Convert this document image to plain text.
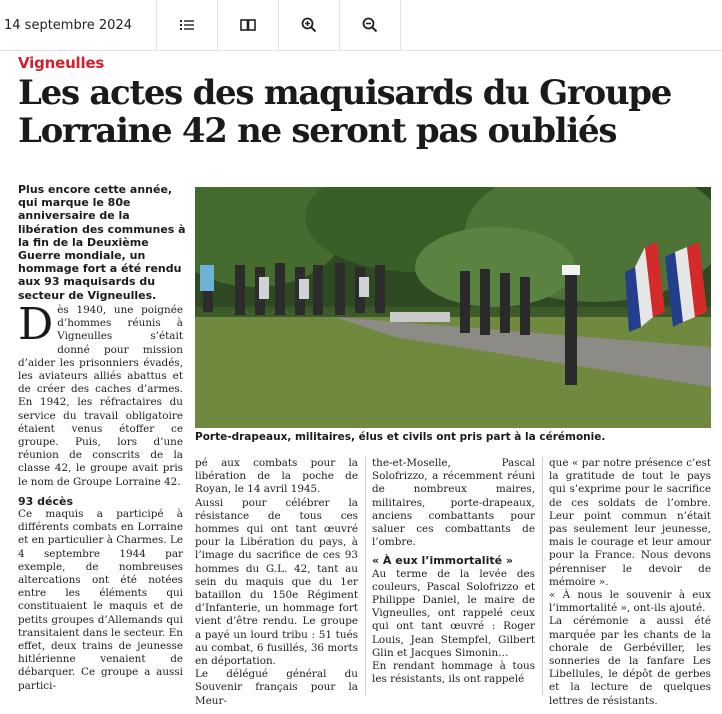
14 septembre 2024
Vigneulles
Les actes des maquisards du Groupe Lorraine 42 ne seront pas oubliés

Plus encore cette année, qui marque le 80e anniversaire de la libération des communes à la fin de la Deuxième Guerre mondiale, un hommage fort a été rendu aux 93 maquisards du secteur de Vigneulles.

Porte-drapeaux, militaires, élus et civils ont pris part à la cérémonie.

Dès 1940, une poignée d’hommes réunis à Vigneulles s’était donné pour mission d’aider les prisonniers évadés, les aviateurs alliés abattus et de créer des caches d’armes. En 1942, les réfractaires du service du travail obligatoire étaient venus étoffer ce groupe. Puis, lors d’une réunion de conscrits de la classe 42, le groupe avait pris le nom de Groupe Lorraine 42.

93 décès

Ce maquis a participé à différents combats en Lorraine et en particulier à Charmes. Le 4 septembre 1944 par exemple, de nombreuses altercations ont été notées entre les éléments qui constituaient le maquis et de petits groupes d’Allemands qui transitaient dans le secteur. En effet, deux trains de jeunesse hitlérienne venaient de débarquer. Ce groupe a aussi partici-

pé aux combats pour la libération de la poche de Royan, le 14 avril 1945.

Aussi pour célébrer la résistance de tous ces hommes qui ont tant œuvré pour la Libération du pays, à l’image du sacrifice de ces 93 hommes du G.L. 42, tant au sein du maquis que du 1er bataillon du 150e Régiment d’Infanterie, un hommage fort vient d’être rendu. Le groupe a payé un lourd tribu : 51 tués au combat, 6 fusillés, 36 morts en déportation.

Le délégué général du Souvenir français pour la Meur-

the-et-Moselle, Pascal Solofrizzo, a récemment réuni de nombreux maires, militaires, porte-drapeaux, anciens combattants pour saluer ces combattants de l’ombre.

« À eux l’immortalité »

Au terme de la levée des couleurs, Pascal Solofrizzo et Philippe Daniel, le maire de Vigneulles, ont rappelé ceux qui ont tant œuvré : Roger Louis, Jean Stempfel, Gilbert Glin et Jacques Simonin…

En rendant hommage à tous les résistants, ils ont rappelé

que « par notre présence c’est la gratitude de tout le pays qui s’exprime pour le sacrifice de ces soldats de l’ombre. Leur point commun n’était pas seulement leur jeunesse, mais le courage et leur amour pour la France. Nous devons pérenniser le devoir de mémoire ».

« À nous le souvenir à eux l’immortalité », ont-ils ajouté.

La cérémonie a aussi été marquée par les chants de la chorale de Gerbéviller, les sonneries de la fanfare Les Libellules, le dépôt de gerbes et la lecture de quelques lettres de résistants.
